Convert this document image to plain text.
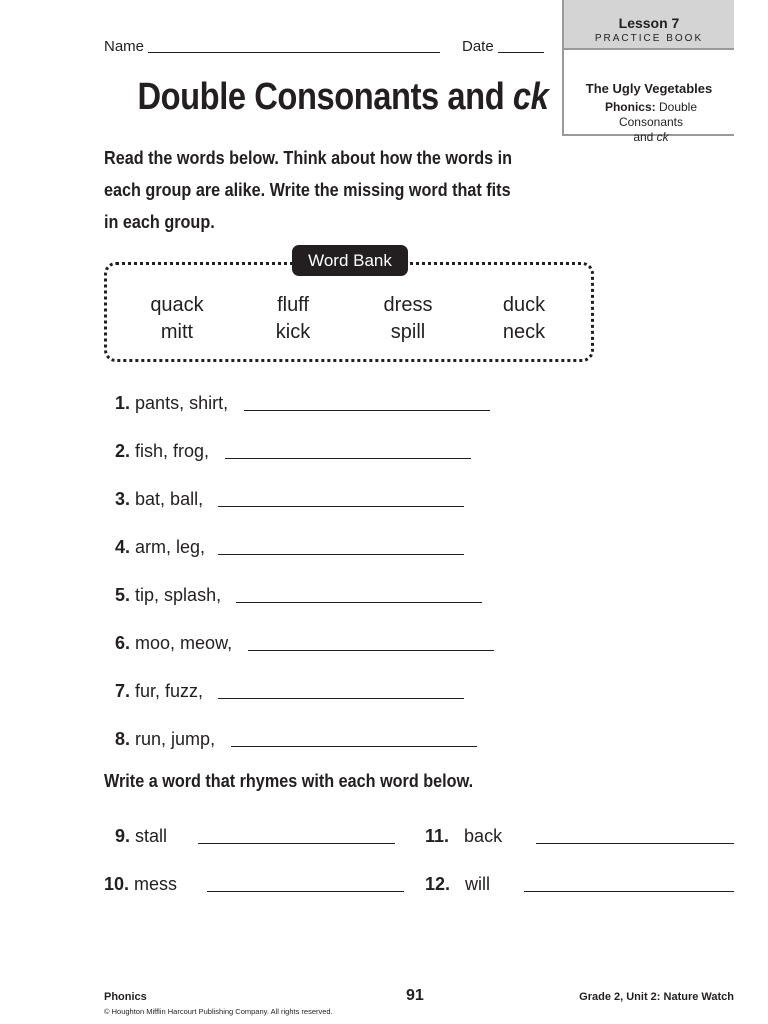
Lesson 7
PRACTICE BOOK
The Ugly Vegetables
Phonics: Double Consonants
and ck
Name	Date
Double Consonants and ck
Read the words below. Think about how the words in
each group are alike. Write the missing word that fits
in each group.
quack	fluff	dress	duck
mitt	kick	spill	neck
Word Bank
1. pants, shirt,
2. fish, frog,
3. bat, ball,
4. arm, leg,
5. tip, splash,
6. moo, meow,
7. fur, fuzz,
8. run, jump,
Write a word that rhymes with each word below.
9. stall
10. mess
11. back
12. will
Phonics
© Houghton Mifflin Harcourt Publishing Company. All rights reserved.
91	Grade 2, Unit 2: Nature Watch
